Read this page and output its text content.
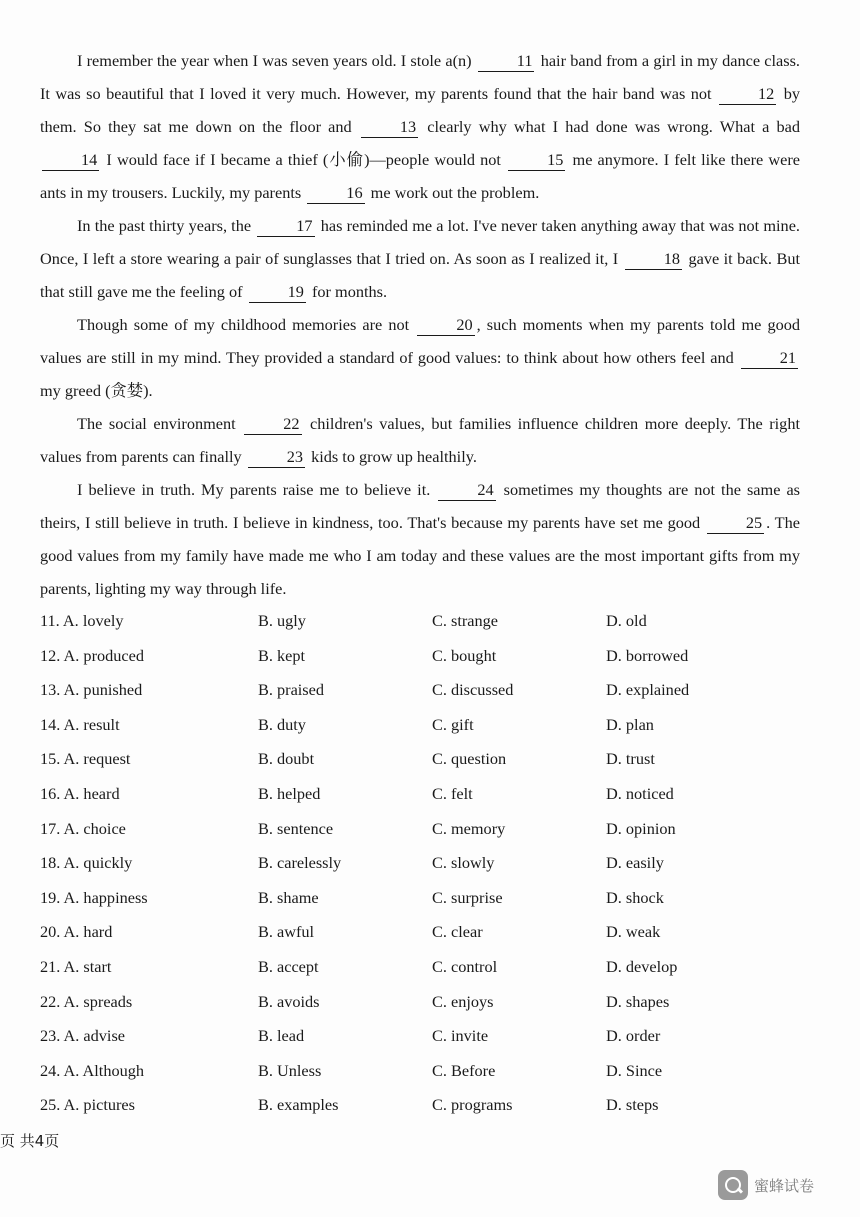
I remember the year when I was seven years old. I stole a(n)	11 hair band from a girl in my dance class. It was so beautiful that I loved it very much. However, my parents found that the hair band was not	12 by them. So they sat me down on the floor and	13 clearly why what I had done was wrong. What a bad 14 I would face if I became a thief (小偷)—people would not	15 me anymore. I felt like there were ants in my trousers. Luckily, my parents	16 me work out the problem.

In the past thirty years, the	17 has reminded me a lot. I've never taken anything away that was not mine. Once, I left a store wearing a pair of sunglasses that I tried on. As soon as I realized it, I	18 gave it back. But that still gave me the feeling of	19 for months.

Though some of my childhood memories are not	20 , such moments when my parents told me good values are still in my mind. They provided a standard of good values: to think about how others feel and	21 my greed (贪婪).

The social environment	22 children's values, but families influence children more deeply. The right values from parents can finally	23 kids to grow up healthily.

I believe in truth. My parents raise me to believe it.	24 sometimes my thoughts are not the same as theirs, I still believe in truth. I believe in kindness, too. That's because my parents have set me good	25 . The good values from my family have made me who I am today and these values are the most important gifts from my parents, lighting my way through life.

11. A. lovely	B. ugly	C. strange	D. old
12. A. produced	B. kept	C. bought	D. borrowed
13. A. punished	B. praised	C. discussed	D. explained
14. A. result	B. duty	C. gift	D. plan
15. A. request	B. doubt	C. question	D. trust
16. A. heard	B. helped	C. felt	D. noticed
17. A. choice	B. sentence	C. memory	D. opinion
18. A. quickly	B. carelessly	C. slowly	D. easily
19. A. happiness	B. shame	C. surprise	D. shock
20. A. hard	B. awful	C. clear	D. weak
21. A. start	B. accept	C. control	D. develop
22. A. spreads	B. avoids	C. enjoys	D. shapes
23. A. advise	B. lead	C. invite	D. order
24. A. Although	B. Unless	C. Before	D. Since
25. A. pictures	B. examples	C. programs	D. steps
页 共4页
蜜蜂试卷
